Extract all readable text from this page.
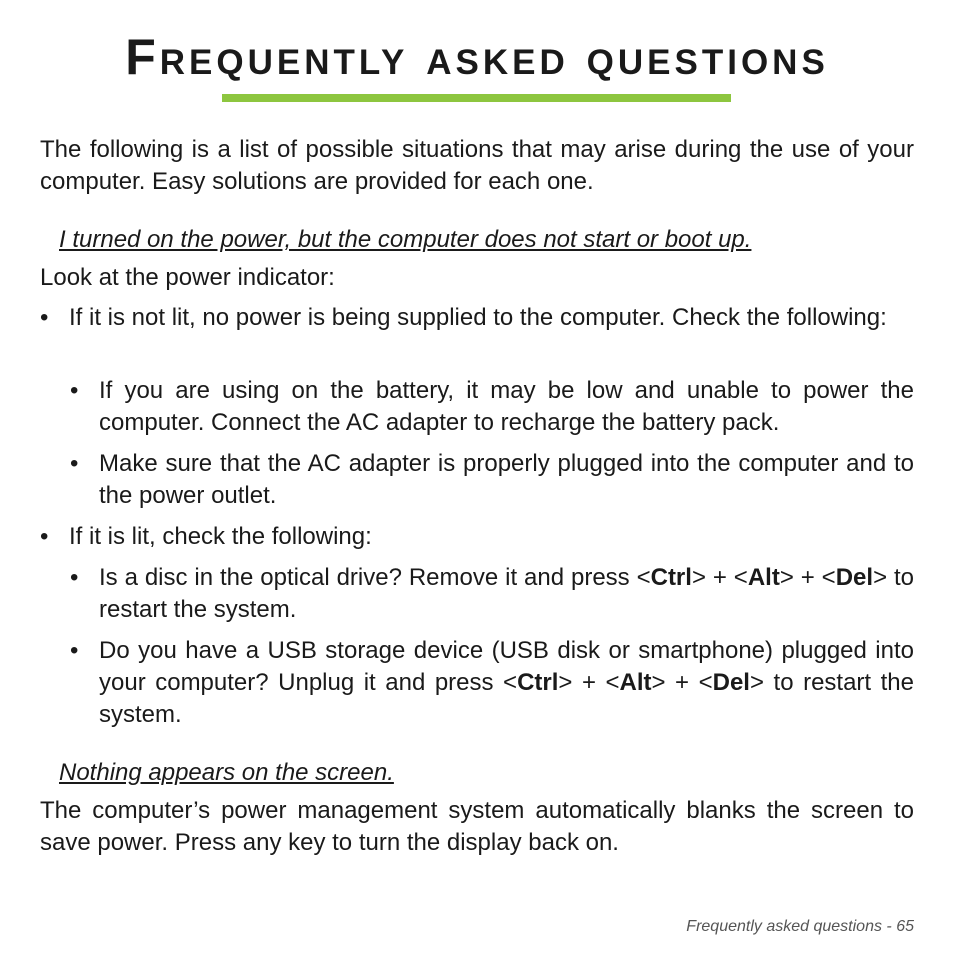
Frequently asked questions

The following is a list of possible situations that may arise during the use of your computer. Easy solutions are provided for each one.

I turned on the power, but the computer does not start or boot up.

Look at the power indicator:

• If it is not lit, no power is being supplied to the computer. Check the following:
• If you are using on the battery, it may be low and unable to power the computer. Connect the AC adapter to recharge the battery pack.
• Make sure that the AC adapter is properly plugged into the computer and to the power outlet.
• If it is lit, check the following:
• Is a disc in the optical drive? Remove it and press <Ctrl> + <Alt> + <Del> to restart the system.
• Do you have a USB storage device (USB disk or smartphone) plugged into your computer? Unplug it and press <Ctrl> + <Alt> + <Del> to restart the system.

Nothing appears on the screen.

The computer’s power management system automatically blanks the screen to save power. Press any key to turn the display back on.

Frequently asked questions - 65
